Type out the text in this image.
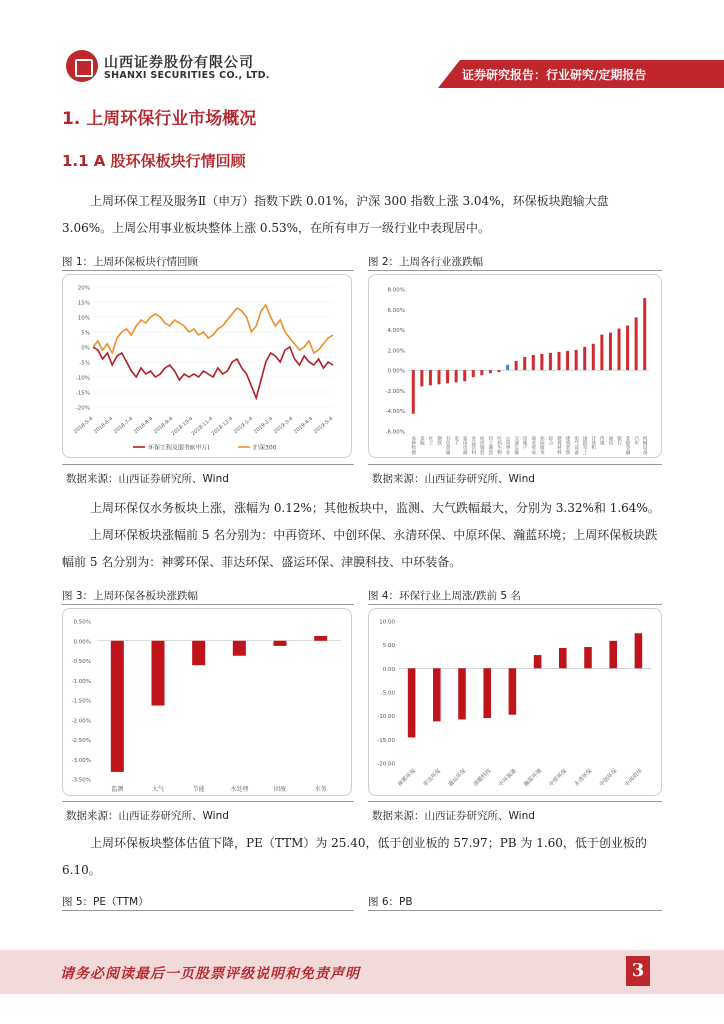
山西证券股份有限公司
SHANXI SECURITIES CO., LTD.	证券研究报告：行业研究/定期报告
1. 上周环保行业市场概况
1.1 A 股环保板块行情回顾
上周环保工程及服务Ⅱ（申万）指数下跌 0.01%，沪深 300 指数上涨 3.04%，环保板块跑输大盘 3.06%。上周公用事业板块整体上涨 0.53%，在所有申万一级行业中表现居中。
图 1：上周环保板块行情回顾	图 2：上周各行业涨跌幅
20%
15%
10%
5%
0%
-5%
-10%
-15%
-20%
2018-5-4
2018-6-4
2018-7-4
2018-8-4
2018-9-4
2018-10-4
2018-11-4
2018-12-4
2019-1-4
2019-2-4
2019-3-4
2019-4-4
2019-5-4
环保工程及服务Ⅱ(申万)	沪深300
8.00%
6.00%
4.00%
2.00%
0.00%
-2.00%
-4.00%
-6.00%
农林牧渔 采掘 化工 钢铁 有色金属 电子 家用电器 食品饮料 纺织服装 轻工制造 医药生物 公用事业 交通运输 房地产 商业贸易 休闲服务 综合 建筑材料 建筑装饰 电气设备 国防军工 计算机 传媒 通信 银行 非银金融 汽车 机械设备
数据来源：山西证券研究所、Wind	数据来源：山西证券研究所、Wind
上周环保仅水务板块上涨，涨幅为 0.12%；其他板块中，监测、大气跌幅最大，分别为 3.32%和 1.64%。
上周环保板块涨幅前 5 名分别为：中再资环、中创环保、永清环保、中原环保、瀚蓝环境；上周环保板块跌幅前 5 名分别为：神雾环保、菲达环保、盛运环保、津膜科技、中环装备。
图 3：上周环保各板块涨跌幅	图 4：环保行业上周涨/跌前 5 名
0.50%
0.00%
-0.50%
-1.00%
-1.50%
-2.00%
-2.50%
-3.00%
-3.50%
监测	大气	节能	水处理	固废	水务
10.00
5.00
0.00
-5.00
-10.00
-15.00
-20.00
神雾环保 菲达环保 盛运环保 津膜科技 中环装备 瀚蓝环境 中原环保 永清环保 中创环保 中再资环
数据来源：山西证券研究所、Wind	数据来源：山西证券研究所、Wind
上周环保板块整体估值下降，PE（TTM）为 25.40，低于创业板的 57.97；PB 为 1.60，低于创业板的 6.10。
图 5：PE（TTM）	图 6：PB
请务必阅读最后一页股票评级说明和免责声明	3
